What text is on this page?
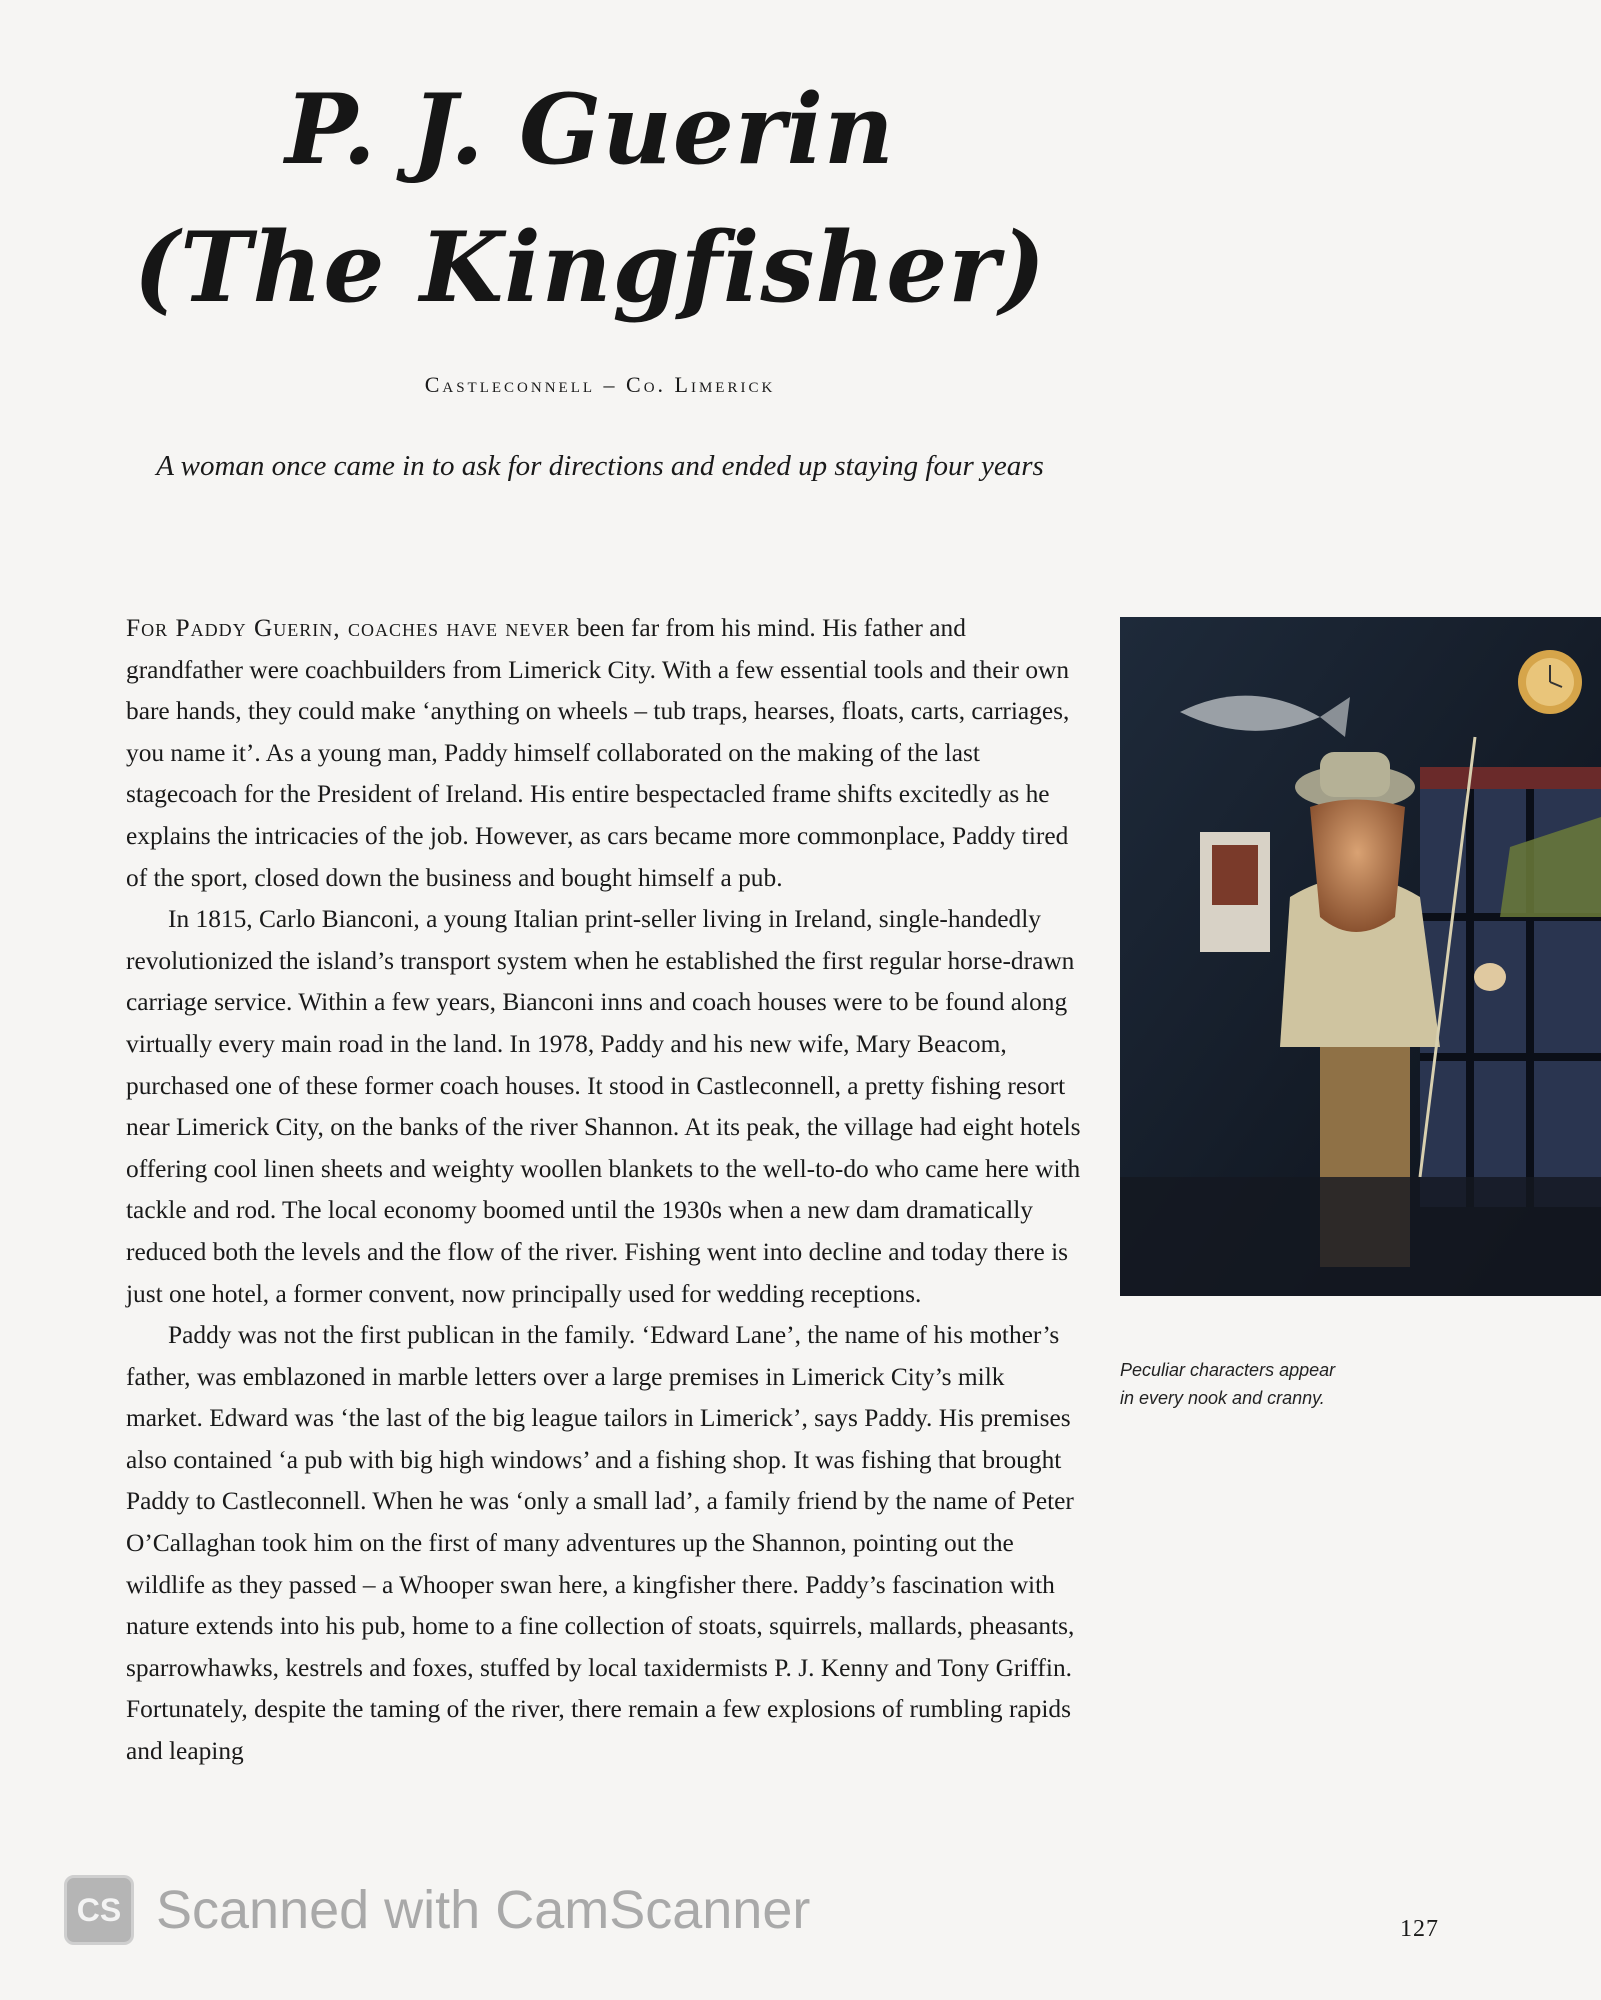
P. J. Guerin
(The Kingfisher)
Castleconnell – Co. Limerick
A woman once came in to ask for directions and ended up staying four years

For Paddy Guerin, coaches have never been far from his mind. His father and grandfather were coachbuilders from Limerick City. With a few essential tools and their own bare hands, they could make ‘anything on wheels – tub traps, hearses, floats, carts, carriages, you name it’. As a young man, Paddy himself collaborated on the making of the last stagecoach for the President of Ireland. His entire bespectacled frame shifts excitedly as he explains the intricacies of the job. However, as cars became more commonplace, Paddy tired of the sport, closed down the business and bought himself a pub.

In 1815, Carlo Bianconi, a young Italian print-seller living in Ireland, single-handedly revolutionized the island’s transport system when he established the first regular horse-drawn carriage service. Within a few years, Bianconi inns and coach houses were to be found along virtually every main road in the land. In 1978, Paddy and his new wife, Mary Beacom, purchased one of these former coach houses. It stood in Castleconnell, a pretty fishing resort near Limerick City, on the banks of the river Shannon. At its peak, the village had eight hotels offering cool linen sheets and weighty woollen blankets to the well-to-do who came here with tackle and rod. The local economy boomed until the 1930s when a new dam dramatically reduced both the levels and the flow of the river. Fishing went into decline and today there is just one hotel, a former convent, now principally used for wedding receptions.

Paddy was not the first publican in the family. ‘Edward Lane’, the name of his mother’s father, was emblazoned in marble letters over a large premises in Limerick City’s milk market. Edward was ‘the last of the big league tailors in Limerick’, says Paddy. His premises also contained ‘a pub with big high windows’ and a fishing shop. It was fishing that brought Paddy to Castleconnell. When he was ‘only a small lad’, a family friend by the name of Peter O’Callaghan took him on the first of many adventures up the Shannon, pointing out the wildlife as they passed – a Whooper swan here, a kingfisher there. Paddy’s fascination with nature extends into his pub, home to a fine collection of stoats, squirrels, mallards, pheasants, sparrowhawks, kestrels and foxes, stuffed by local taxidermists P. J. Kenny and Tony Griffin. Fortunately, despite the taming of the river, there remain a few explosions of rumbling rapids and leaping

Peculiar characters appear
in every nook and cranny.
CS Scanned with CamScanner	127
